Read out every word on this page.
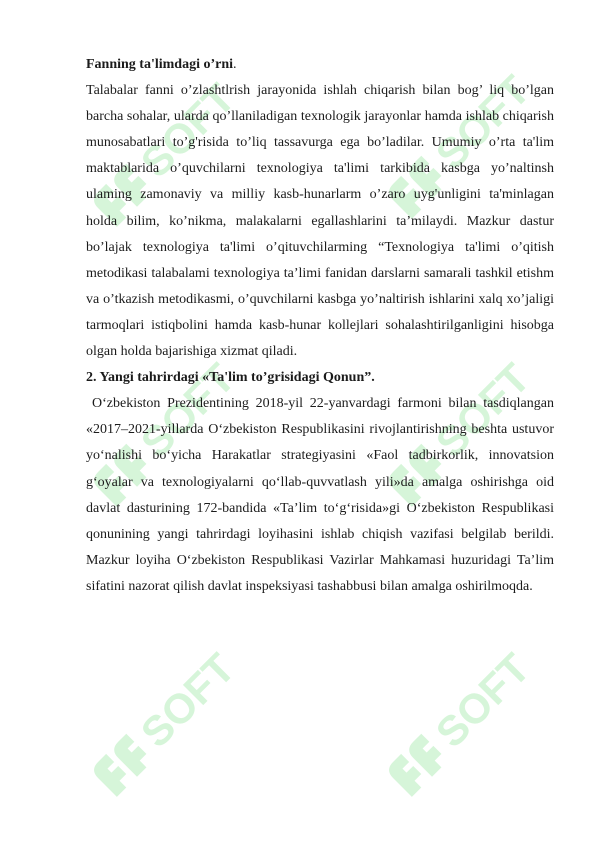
SOFT

Fanning ta'limdagi o’rni.

Talabalar fanni o’zlashtlrish jarayonida ishlah chiqarish bilan bog’ liq bo’lgan barcha sohalar, ularda qo’llaniladigan texnologik jarayonlar hamda ishlab chiqarish munosabatlari to’g'risida to’liq tassavurga ega bo’ladilar. Umumiy o’rta ta'lim maktablarida o’quvchilarni texnologiya ta'limi tarkibida kasbga yo’naltinsh ulaming zamonaviy va milliy kasb-hunarlarm o’zaro uyg'unligini ta'minlagan holda bilim, ko’nikma, malakalarni egallashlarini ta’milaydi. Mazkur dastur bo’lajak texnologiya ta'limi o’qituvchilarming “Texnologiya ta'limi o’qitish metodikasi talabalami texnologiya ta’limi fanidan darslarni samarali tashkil etishm va o’tkazish metodikasmi, o’quvchilarni kasbga yo’naltirish ishlarini xalq xo’jaligi tarmoqlari istiqbolini hamda kasb-hunar kollejlari sohalashtirilganligini hisobga olgan holda bajarishiga xizmat qiladi.

2. Yangi tahrirdagi «Ta'lim to’grisidagi Qonun”.

O‘zbekiston Prezidentining 2018-yil 22-yanvardagi farmoni bilan tasdiqlangan «2017–2021-yillarda O‘zbekiston Respublikasini rivojlantirishning beshta ustuvor yo‘nalishi bo‘yicha Harakatlar strategiyasini «Faol tadbirkorlik, innovatsion g‘oyalar va texnologiyalarni qo‘llab-quvvatlash yili»da amalga oshirishga oid davlat dasturining 172-bandida «Ta’lim to‘g‘risida»gi O‘zbekiston Respublikasi qonunining yangi tahrirdagi loyihasini ishlab chiqish vazifasi belgilab berildi. Mazkur loyiha O‘zbekiston Respublikasi Vazirlar Mahkamasi huzuridagi Ta’lim sifatini nazorat qilish davlat inspeksiyasi tashabbusi bilan amalga oshirilmoqda.
